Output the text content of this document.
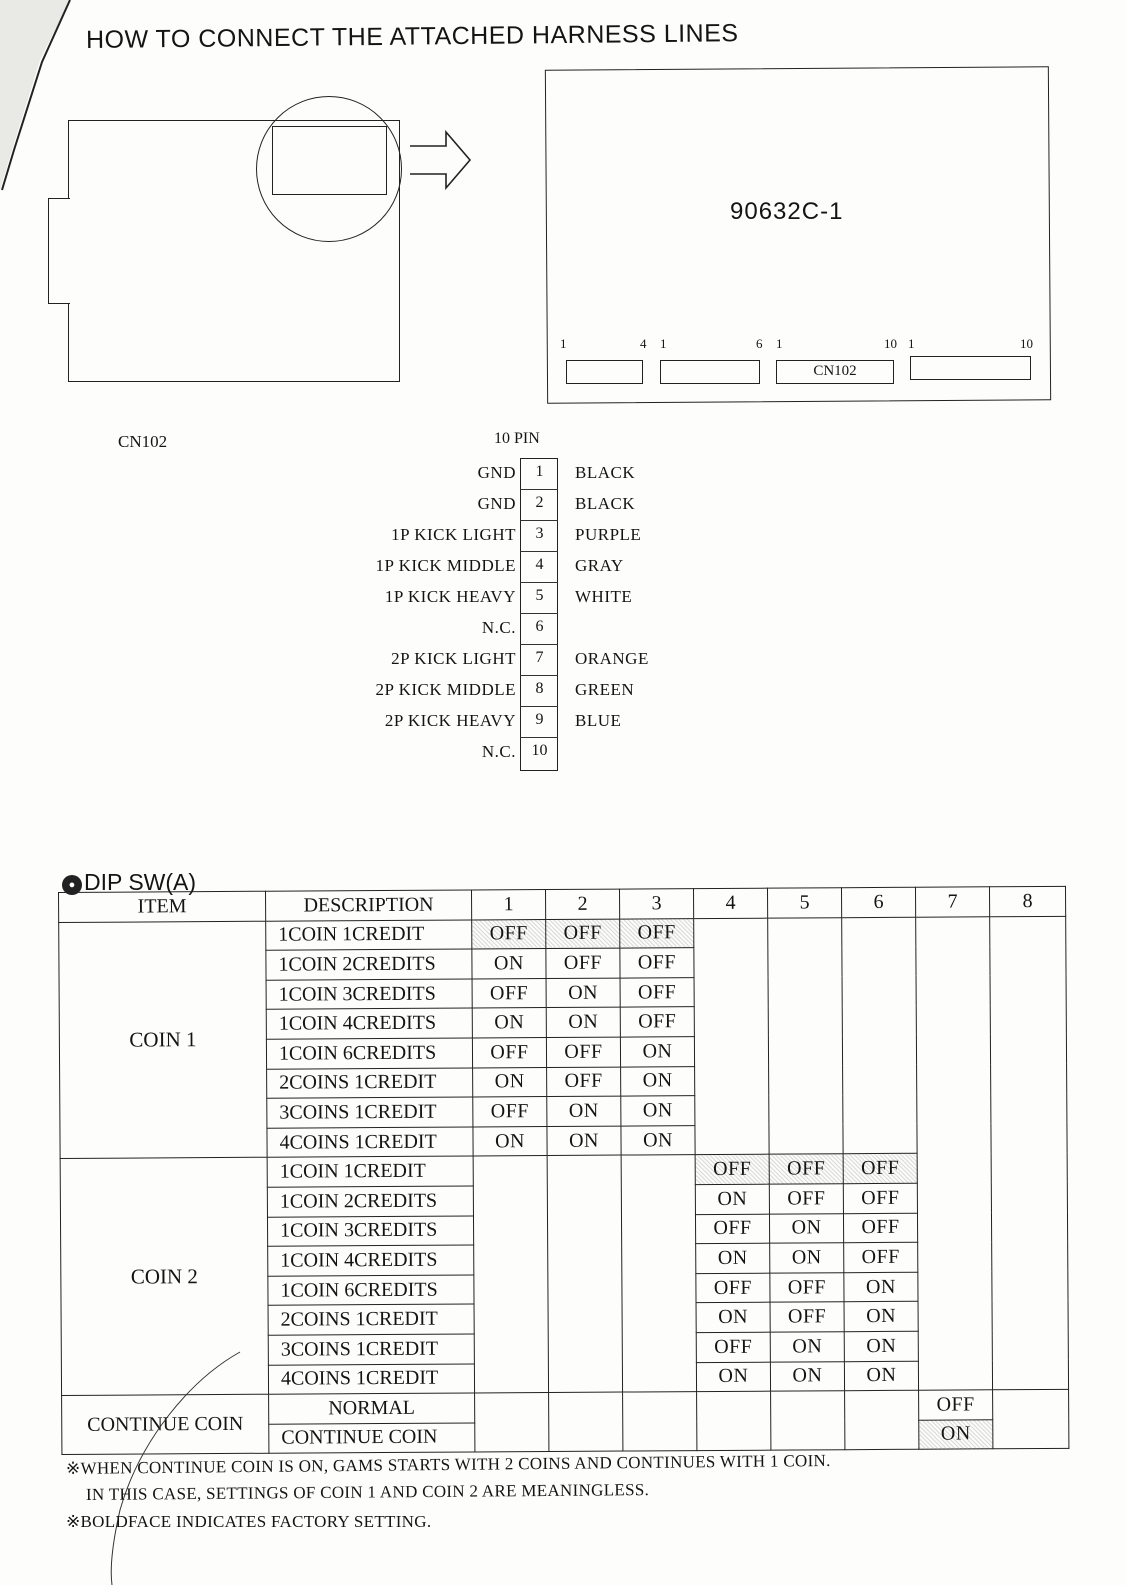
HOW TO CONNECT THE ATTACHED HARNESS LINES
90632C-1
1	4 1	6 1	10 1	10
CN102
CN102	10 PIN
GND	1	BLACK
GND	2	BLACK
1P KICK LIGHT	3	PURPLE
1P KICK MIDDLE	4	GRAY
1P KICK HEAVY	5	WHITE
N.C.	6
2P KICK LIGHT	7	ORANGE
2P KICK MIDDLE	8	GREEN
2P KICK HEAVY	9	BLUE
N.C. 10
● DIP SW(A)
ITEM	DESCRIPTION	1	2	3	4	5	6	7	8
COIN 1	1COIN 1CREDIT	OFF	OFF	OFF					
	1COIN 2CREDITS	ON	OFF	OFF					
	1COIN 3CREDITS	OFF	ON	OFF					
	1COIN 4CREDITS	ON	ON	OFF					
	1COIN 6CREDITS	OFF	OFF	ON					
	2COINS 1CREDIT	ON	OFF	ON					
	3COINS 1CREDIT	OFF	ON	ON					
	4COINS 1CREDIT	ON	ON	ON					
COIN 2	1COIN 1CREDIT				OFF	OFF	OFF		
	1COIN 2CREDITS				ON	OFF	OFF		
	1COIN 3CREDITS				OFF	ON	OFF		
	1COIN 4CREDITS				ON	ON	OFF		
	1COIN 6CREDITS				OFF	OFF	ON		
	2COINS 1CREDIT				ON	OFF	ON		
	3COINS 1CREDIT				OFF	ON	ON		
	4COINS 1CREDIT				ON	ON	ON		
CONTINUE COIN	NORMAL							OFF	
	CONTINUE COIN							ON	
※WHEN CONTINUE COIN IS ON, GAMS STARTS WITH 2 COINS AND CONTINUES WITH 1 COIN.
IN THIS CASE, SETTINGS OF COIN 1 AND COIN 2 ARE MEANINGLESS.
※BOLDFACE INDICATES FACTORY SETTING.
